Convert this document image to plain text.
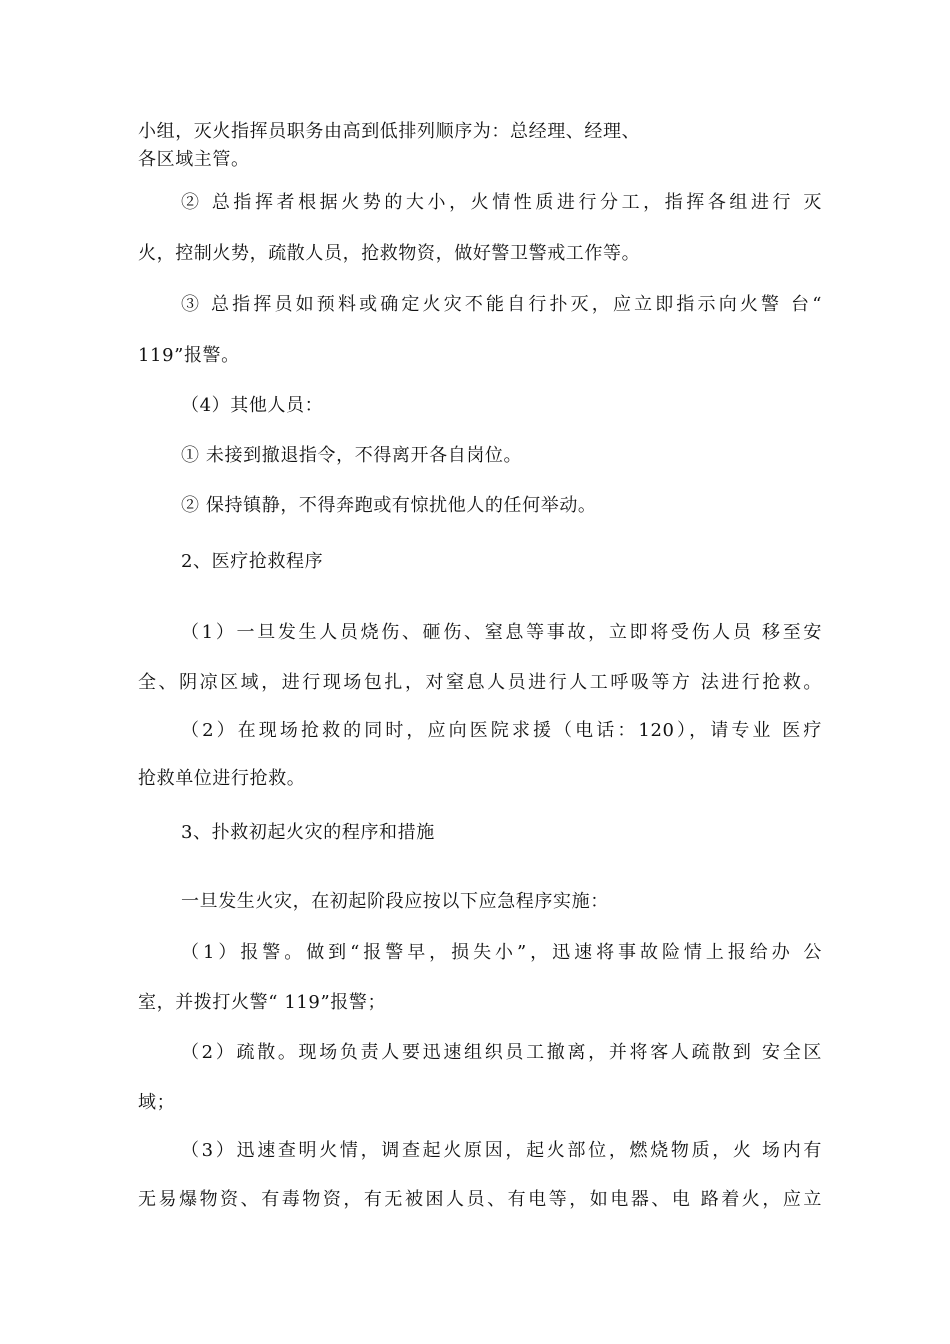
小组，灭火指挥员职务由高到低排列顺序为：总经理、经理、
各区域主管。
② 总指挥者根据火势的大小，火情性质进行分工，指挥各组进行 灭
火，控制火势，疏散人员，抢救物资，做好警卫警戒工作等。
③ 总指挥员如预料或确定火灾不能自行扑灭，应立即指示向火警 台“
119”报警。
（4）其他人员：
① 未接到撤退指令，不得离开各自岗位。
② 保持镇静，不得奔跑或有惊扰他人的任何举动。
2、医疗抢救程序
（1）一旦发生人员烧伤、砸伤、窒息等事故，立即将受伤人员 移至安
全、阴凉区域，进行现场包扎，对窒息人员进行人工呼吸等方 法进行抢救。
（2）在现场抢救的同时，应向医院求援（电话：120），请专业 医疗
抢救单位进行抢救。
3、扑救初起火灾的程序和措施
一旦发生火灾，在初起阶段应按以下应急程序实施：
（1）报警。做到“报警早，损失小”，迅速将事故险情上报给办 公
室，并拨打火警“ 119”报警；
（2）疏散。现场负责人要迅速组织员工撤离，并将客人疏散到 安全区
域；
（3）迅速查明火情，调查起火原因，起火部位，燃烧物质，火 场内有
无易爆物资、有毒物资，有无被困人员、有电等，如电器、电 路着火，应立
